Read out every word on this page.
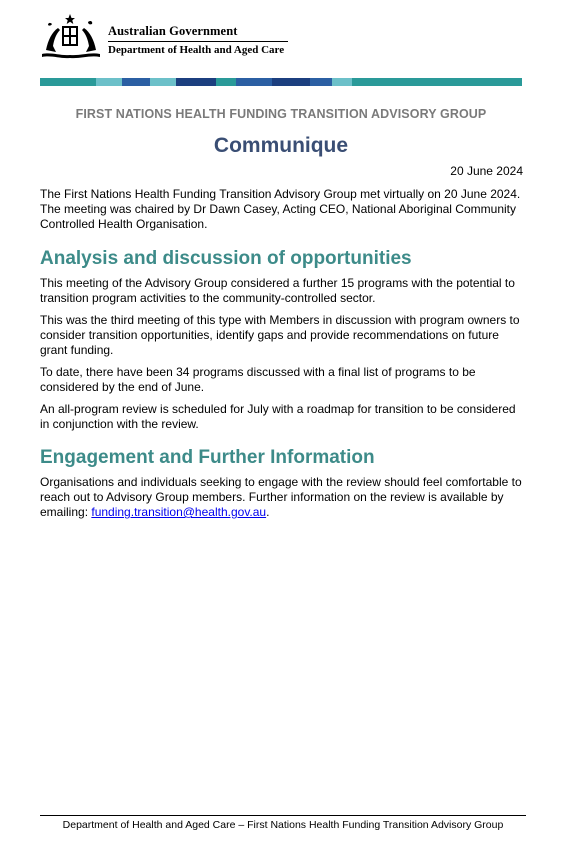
Australian Government
Department of Health and Aged Care
FIRST NATIONS HEALTH FUNDING TRANSITION ADVISORY GROUP
Communique
20 June 2024

The First Nations Health Funding Transition Advisory Group met virtually on 20 June 2024. The meeting was chaired by Dr Dawn Casey, Acting CEO, National Aboriginal Community Controlled Health Organisation.

Analysis and discussion of opportunities

This meeting of the Advisory Group considered a further 15 programs with the potential to transition program activities to the community-controlled sector.

This was the third meeting of this type with Members in discussion with program owners to consider transition opportunities, identify gaps and provide recommendations on future grant funding.

To date, there have been 34 programs discussed with a final list of programs to be considered by the end of June.

An all-program review is scheduled for July with a roadmap for transition to be considered in conjunction with the review.

Engagement and Further Information

Organisations and individuals seeking to engage with the review should feel comfortable to reach out to Advisory Group members. Further information on the review is available by emailing: funding.transition@health.gov.au.

Department of Health and Aged Care – First Nations Health Funding Transition Advisory Group
